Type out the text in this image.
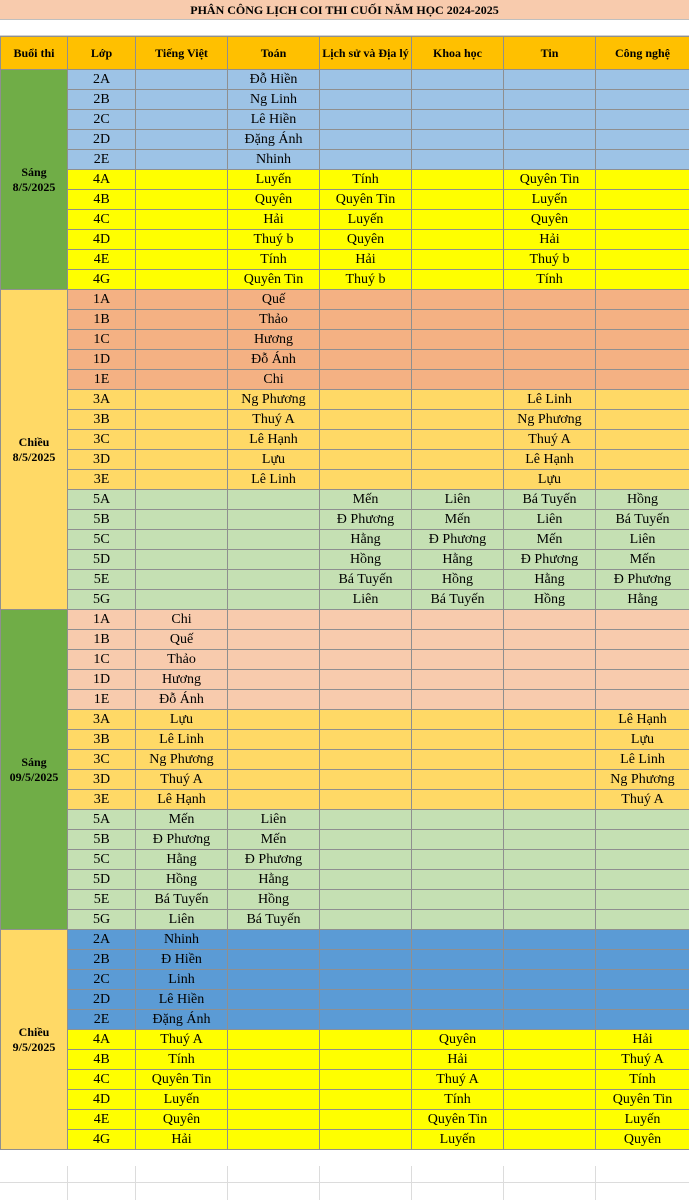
PHÂN CÔNG LỊCH COI THI CUỐI NĂM HỌC 2024-2025
Buổi thi	Lớp	Tiếng Việt	Toán	Lịch sử và Địa lý	Khoa học	Tin	Công nghệ
Sáng 8/5/2025	2A		Đỗ Hiền				
	2B		Ng Linh				
	2C		Lê Hiền				
	2D		Đặng Ánh				
	2E		Nhinh				
	4A		Luyến	Tính		Quyên Tin	
	4B		Quyên	Quyên Tin		Luyến	
	4C		Hải	Luyến		Quyên	
	4D		Thuý b	Quyên		Hải	
	4E		Tính	Hải		Thuý b	
	4G		Quyên Tin	Thuý b		Tính	
Chiều 8/5/2025	1A		Quế				
	1B		Thảo				
	1C		Hương				
	1D		Đỗ Ánh				
	1E		Chi				
	3A		Ng Phương			Lê Linh	
	3B		Thuý A			Ng Phương	
	3C		Lê Hạnh			Thuý A	
	3D		Lựu			Lê Hạnh	
	3E		Lê Linh			Lựu	
	5A			Mến	Liên	Bá Tuyến	Hồng
	5B			Đ Phương	Mến	Liên	Bá Tuyến
	5C			Hằng	Đ Phương	Mến	Liên
	5D			Hồng	Hằng	Đ Phương	Mến
	5E			Bá Tuyến	Hồng	Hằng	Đ Phương
	5G			Liên	Bá Tuyến	Hồng	Hằng
Sáng 09/5/2025	1A	Chi					
	1B	Quế					
	1C	Thảo					
	1D	Hương					
	1E	Đỗ Ánh					
	3A	Lựu					Lê Hạnh
	3B	Lê Linh					Lựu
	3C	Ng Phương					Lê Linh
	3D	Thuý A					Ng Phương
	3E	Lê Hạnh					Thuý A
	5A	Mến	Liên				
	5B	Đ Phương	Mến				
	5C	Hằng	Đ Phương				
	5D	Hồng	Hằng				
	5E	Bá Tuyến	Hồng				
	5G	Liên	Bá Tuyến				
Chiều 9/5/2025	2A	Nhinh					
	2B	Đ Hiền					
	2C	Linh					
	2D	Lê Hiền					
	2E	Đặng Ánh					
	4A	Thuý A			Quyên		Hải
	4B	Tính			Hải		Thuý A
	4C	Quyên Tin			Thuý A		Tính
	4D	Luyến			Tính		Quyên Tin
	4E	Quyên			Quyên Tin		Luyến
	4G	Hải			Luyến		Quyên
